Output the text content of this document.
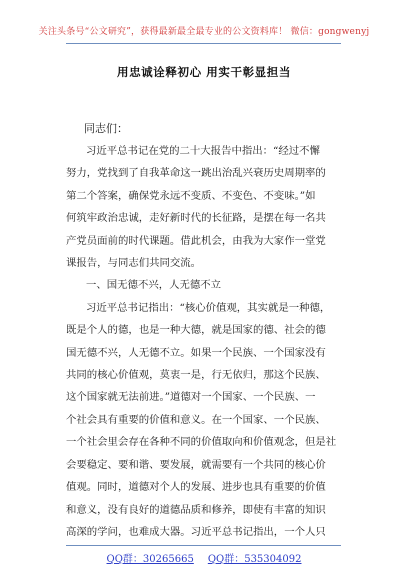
关注头条号“公文研究”，获得最新最全最专业的公文资料库！ 微信：gongwenyj
用忠诚诠释初心 用实干彰显担当
同志们：
习近平总书记在党的二十大报告中指出：“经过不懈
努力，党找到了自我革命这一跳出治乱兴衰历史周期率的
第二个答案，确保党永远不变质、不变色、不变味。”如
何筑牢政治忠诚，走好新时代的长征路，是摆在每一名共
产党员面前的时代课题。借此机会，由我为大家作一堂党
课报告，与同志们共同交流。
一、国无德不兴，人无德不立
习近平总书记指出：“核心价值观，其实就是一种德，
既是个人的德，也是一种大德，就是国家的德、社会的德
国无德不兴，人无德不立。如果一个民族、一个国家没有
共同的核心价值观，莫衷一是，行无依归，那这个民族、
这个国家就无法前进。”道德对一个国家、一个民族、一
个社会具有重要的价值和意义。在一个国家、一个民族、
一个社会里会存在各种不同的价值取向和价值观念，但是社
会要稳定、要和谐、要发展，就需要有一个共同的核心价
值观。同时，道德对个人的发展、进步也具有重要的价值
和意义，没有良好的道德品质和修养，即使有丰富的知识
高深的学问，也难成大器。习近平总书记指出，一个人只
QQ群：30265665 QQ群：535304092
